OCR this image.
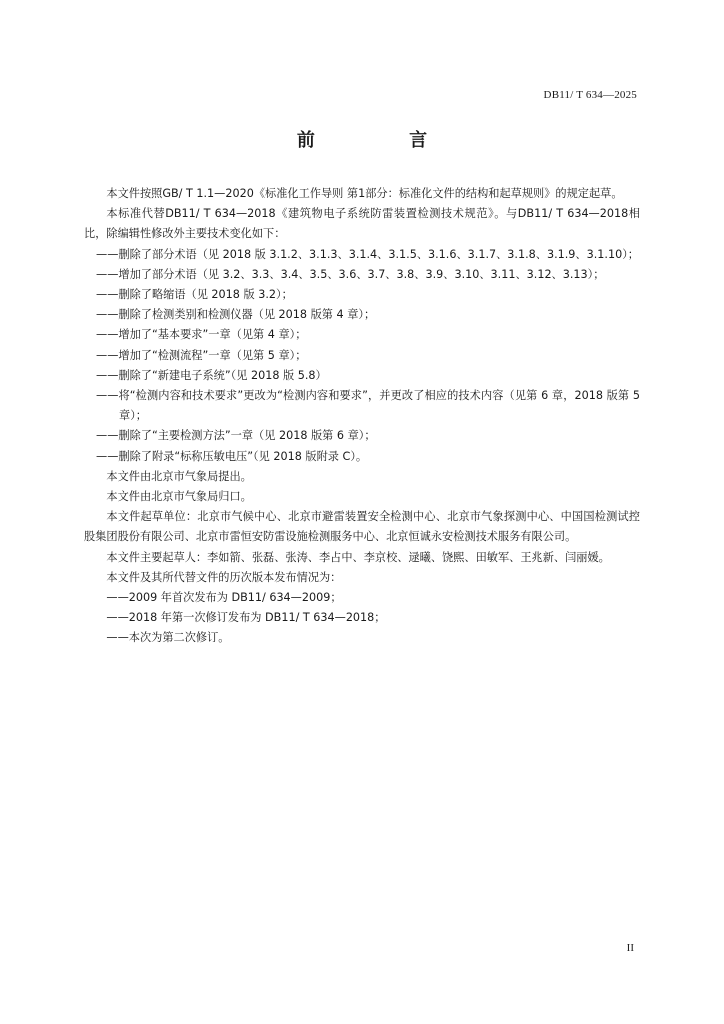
DB11/ T 634—2025
前 言

本文件按照GB/ T 1.1—2020《标准化工作导则 第1部分：标准化文件的结构和起草规则》的规定起草。

本标准代替DB11/ T 634—2018《建筑物电子系统防雷装置检测技术规范》。与DB11/ T 634—2018相比，除编辑性修改外主要技术变化如下：

——删除了部分术语（见 2018 版 3.1.2、3.1.3、3.1.4、3.1.5、3.1.6、3.1.7、3.1.8、3.1.9、3.1.10）；

——增加了部分术语（见 3.2、3.3、3.4、3.5、3.6、3.7、3.8、3.9、3.10、3.11、3.12、3.13）；

——删除了略缩语（见 2018 版 3.2）；

——删除了检测类别和检测仪器（见 2018 版第 4 章）；

——增加了“基本要求”一章（见第 4 章）；

——增加了“检测流程”一章（见第 5 章）；

——删除了“新建电子系统”（见 2018 版 5.8）

——将“检测内容和技术要求”更改为“检测内容和要求”，并更改了相应的技术内容（见第 6 章，2018 版第 5 章）；

——删除了“主要检测方法”一章（见 2018 版第 6 章）；

——删除了附录“标称压敏电压”（见 2018 版附录 C）。

本文件由北京市气象局提出。

本文件由北京市气象局归口。

本文件起草单位：北京市气候中心、北京市避雷装置安全检测中心、北京市气象探测中心、中国国检测试控股集团股份有限公司、北京市雷恒安防雷设施检测服务中心、北京恒诚永安检测技术服务有限公司。

本文件主要起草人：李如箭、张磊、张涛、李占中、李京校、逯曦、饶熙、田敏军、王兆新、闫丽媛。

本文件及其所代替文件的历次版本发布情况为：

——2009 年首次发布为 DB11/ 634—2009；

——2018 年第一次修订发布为 DB11/ T 634—2018；

——本次为第二次修订。

II
